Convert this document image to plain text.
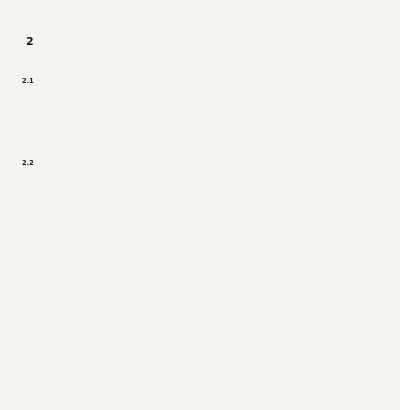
2

2.1

2.2
